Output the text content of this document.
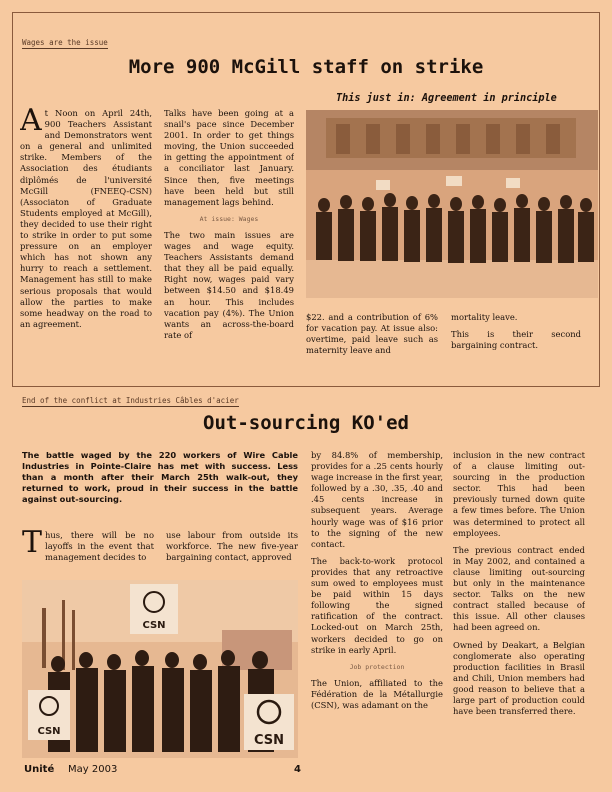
Wages are the issue
More 900 McGill staff on strike
A t Noon on April 24th, 900 Teachers Assistant and Demonstrators went on a general and unlimited strike. Members of the Association des étudiants diplômés de l'université McGill (FNEEQ-CSN) (Associaton of Graduate Students employed at McGill), they decided to use their right to strike in order to put some pressure on an employer which has not shown any hurry to reach a settlement. Management has still to make serious proposals that would allow the parties to make some headway on the road to an agreement.

Talks have been going at a snail's pace since December 2001. In order to get things moving, the Union succeeded in getting the appointment of a conciliator last January. Since then, five meetings have been held but still management lags behind.

At issue: Wages

The two main issues are wages and wage equity. Teachers Assistants demand that they all be paid equally. Right now, wages paid vary between $14.50 and $18.49 an hour. This includes vacation pay (4%). The Union wants an across-the-board rate of

This just in: Agreement in principle

$22. and a contribution of 6% for vacation pay. At issue also: overtime, paid leave such as maternity leave and

mortality leave.

This is their second bargaining contract.

End of the conflict at Industries Câbles d'acier
Out-sourcing KO'ed
The battle waged by the 220 workers of Wire Cable Industries in Pointe-Claire has met with success. Less than a month after their March 25th walk-out, they returned to work, proud in their success in the battle against out-sourcing.
T hus, there will be no layoffs in the event that management decides to

use labour from outside its workforce. The new five-year bargaining contact, approved

CSN
CSN
CSN

by 84.8% of membership, provides for a .25 cents hourly wage increase in the first year, followed by a .30, .35, .40 and .45 cents increase in subsequent years. Average hourly wage was of $16 prior to the signing of the new contact.

The back-to-work protocol provides that any retroactive sum owed to employees must be paid within 15 days following the signed ratification of the contract. Locked-out on March 25th, workers decided to go on strike in early April.

Job protection

The Union, affiliated to the Fédération de la Métallurgie (CSN), was adamant on the

inclusion in the new contract of a clause limiting out-sourcing in the production sector. This had been previously turned down quite a few times before. The Union was determined to protect all employees.

The previous contract ended in May 2002, and contained a clause limiting out-sourcing but only in the maintenance sector. Talks on the new contract stalled because of this issue. All other clauses had been agreed on.

Owned by Deakart, a Belgian conglomerate also operating production facilities in Brasil and Chili, Union members had good reason to believe that a large part of production could have been transferred there.

Unité May 2003	4
